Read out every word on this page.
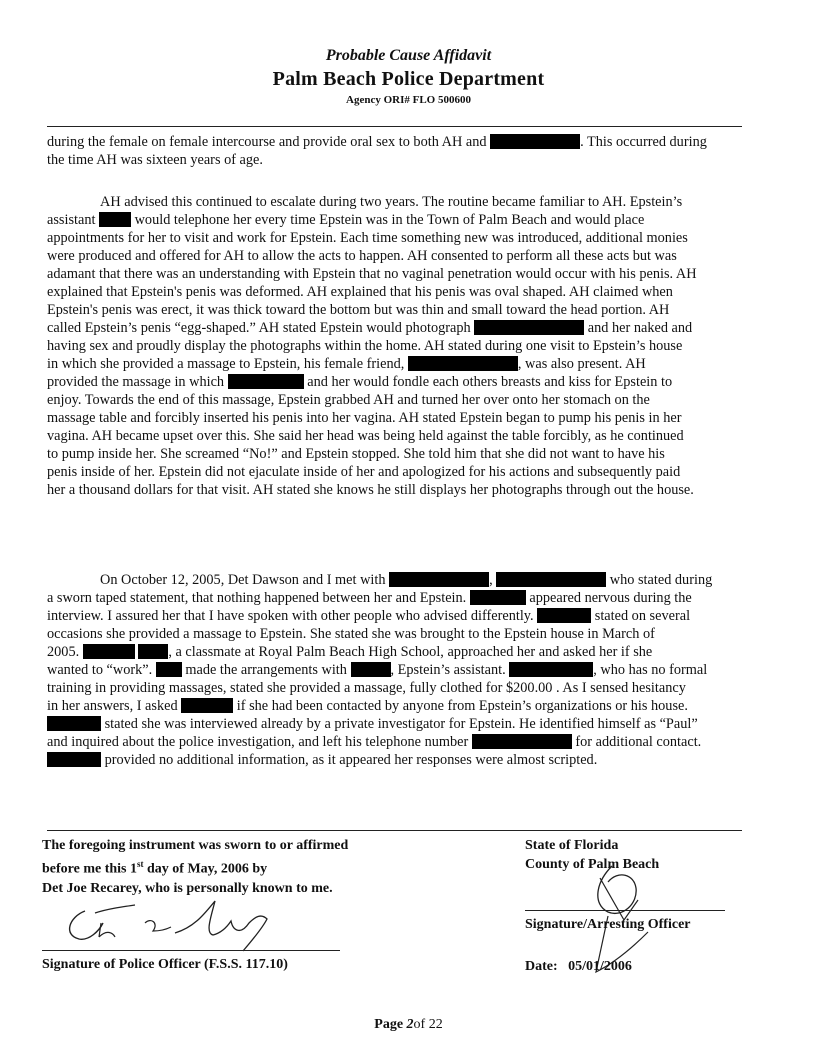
Probable Cause Affidavit
Palm Beach Police Department
Agency ORI# FLO 500600
during the female on female intercourse and provide oral sex to both AH and	. This occurred during
the time AH was sixteen years of age.
AH advised this continued to escalate during two years. The routine became familiar to AH. Epstein’s
assistant  would telephone her every time Epstein was in the Town of Palm Beach and would place
appointments for her to visit and work for Epstein. Each time something new was introduced, additional monies
were produced and offered for AH to allow the acts to happen. AH consented to perform all these acts but was
adamant that there was an understanding with Epstein that no vaginal penetration would occur with his penis. AH
explained that Epstein's penis was deformed. AH explained that his penis was oval shaped. AH claimed when
Epstein's penis was erect, it was thick toward the bottom but was thin and small toward the head portion. AH
called Epstein’s penis “egg-shaped.” AH stated Epstein would photograph	and her naked and
having sex and proudly display the photographs within the home. AH stated during one visit to Epstein’s house
in which she provided a massage to Epstein, his female friend,	, was also present. AH
provided the massage in which	and her would fondle each others breasts and kiss for Epstein to
enjoy. Towards the end of this massage, Epstein grabbed AH and turned her over onto her stomach on the
massage table and forcibly inserted his penis into her vagina. AH stated Epstein began to pump his penis in her
vagina. AH became upset over this. She said her head was being held against the table forcibly, as he continued
to pump inside her. She screamed “No!” and Epstein stopped. She told him that she did not want to have his
penis inside of her. Epstein did not ejaculate inside of her and apologized for his actions and subsequently paid
her a thousand dollars for that visit. AH stated she knows he still displays her photographs through out the house.
On October 12, 2005, Det Dawson and I met with	,	who stated during
a sworn taped statement, that nothing happened between her and Epstein.	appeared nervous during the
interview. I assured her that I have spoken with other people who advised differently.	stated on several
occasions she provided a massage to Epstein. She stated she was brought to the Epstein house in March of
2005.	, a classmate at Royal Palm Beach High School, approached her and asked her if she
wanted to “work”.  made the arrangements with	, Epstein’s assistant.	, who has no formal
training in providing massages, stated she provided a massage, fully clothed for $200.00 . As I sensed hesitancy
in her answers, I asked	if she had been contacted by anyone from Epstein’s organizations or his house.
stated she was interviewed already by a private investigator for Epstein. He identified himself as “Paul”
and inquired about the police investigation, and left his telephone number	for additional contact.
provided no additional information, as it appeared her responses were almost scripted.
The foregoing instrument was sworn to or affirmed
before me this 1st day of May, 2006 by
Det Joe Recarey, who is personally known to me.
State of Florida
County of Palm Beach
Signature of Police Officer (F.S.S. 117.10)
Signature/Arresting Officer
Date: 05/01/2006
Page 2of 22
